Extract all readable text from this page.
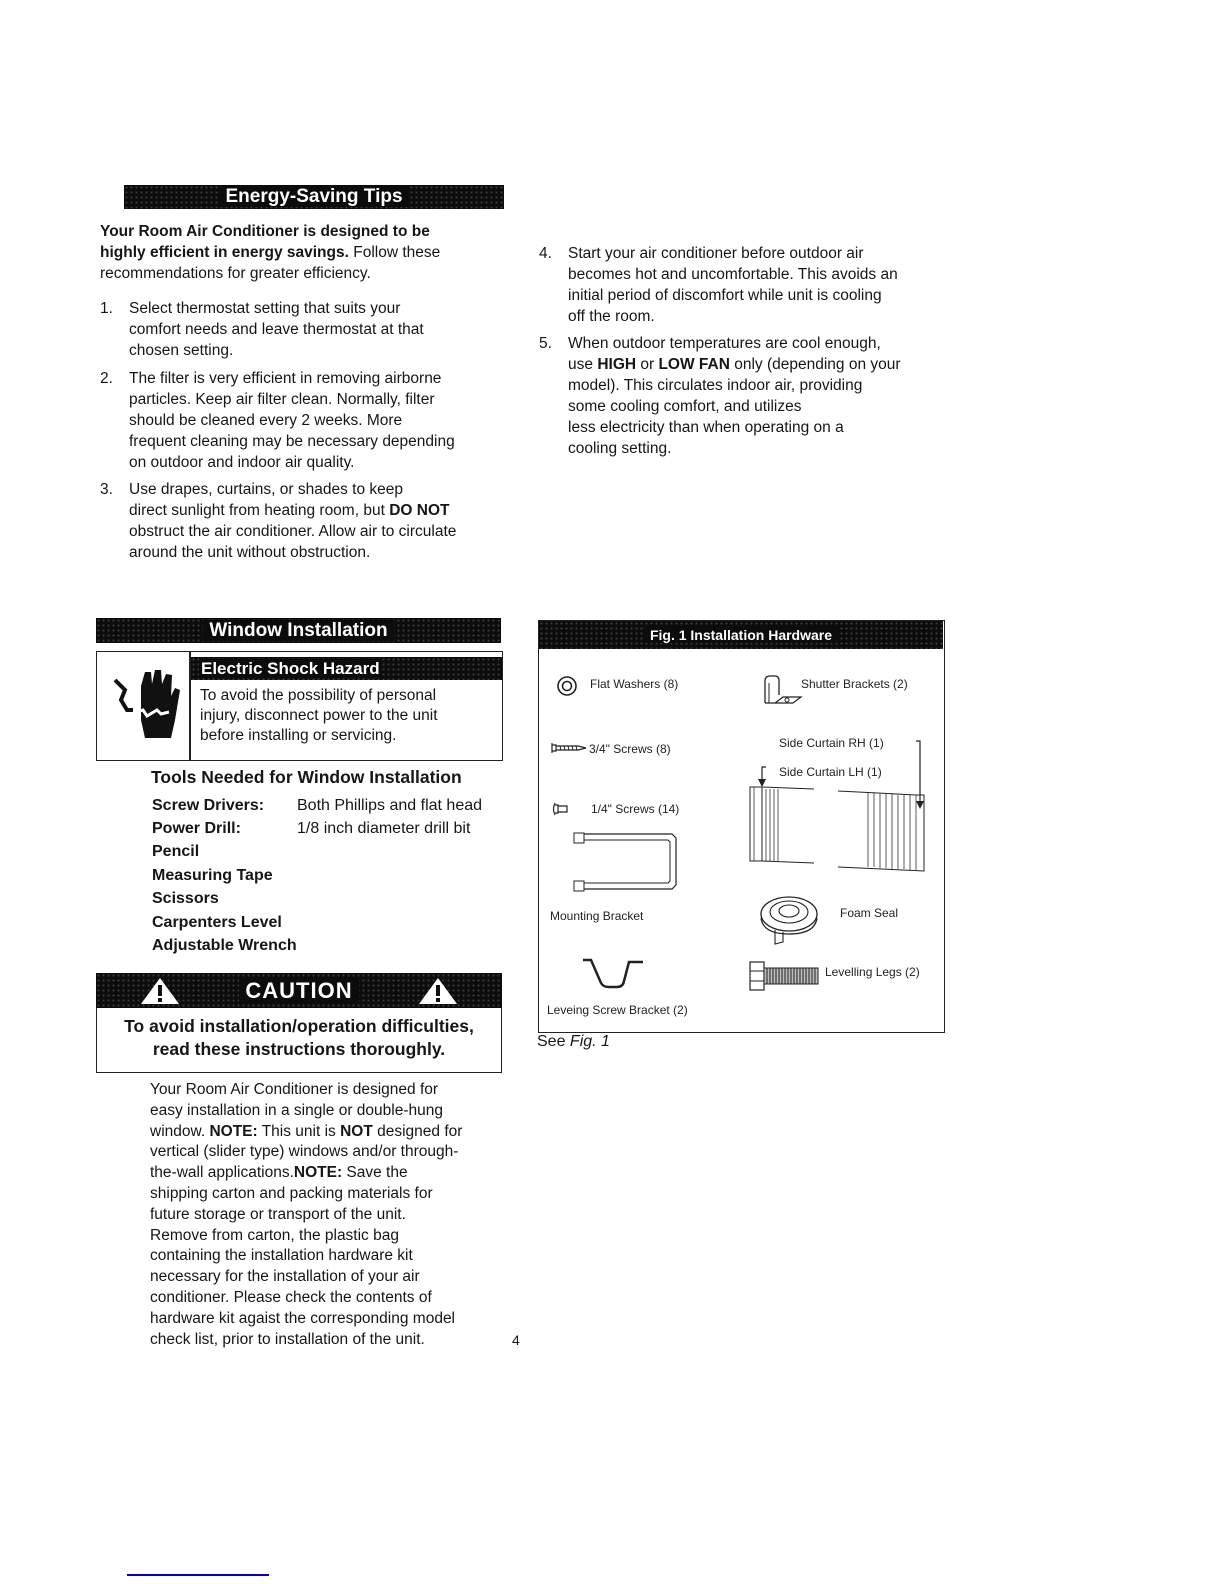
Energy-Saving Tips
Your Room Air Conditioner is designed to be
highly efficient in energy savings. Follow these
recommendations for greater efficiency.
1. Select thermostat setting that suits your
comfort needs and leave thermostat at that
chosen setting.
2. The filter is very efficient in removing airborne
particles. Keep air filter clean. Normally, filter
should be cleaned every 2 weeks. More
frequent cleaning may be necessary depending
on outdoor and indoor air quality.
3. Use drapes, curtains, or shades to keep
direct sunlight from heating room, but DO NOT
obstruct the air conditioner. Allow air to circulate
around the unit without obstruction.
4. Start your air conditioner before outdoor air
becomes hot and uncomfortable. This avoids an
initial period of discomfort while unit is cooling
off the room.
5. When outdoor temperatures are cool enough,
use HIGH or LOW FAN only (depending on your
model). This circulates indoor air, providing
some cooling comfort, and utilizes
less electricity than when operating on a
cooling setting.
Window Installation
Electric Shock Hazard
To avoid the possibility of personal
injury, disconnect power to the unit
before installing or servicing.
Tools Needed for Window Installation
Screw Drivers: Both Phillips and flat head
Power Drill:	1/8 inch diameter drill bit
Pencil
Measuring Tape
Scissors
Carpenters Level
Adjustable Wrench
CAUTION
To avoid installation/operation difficulties,
read these instructions thoroughly.
Your Room Air Conditioner is designed for
easy installation in a single or double-hung
window. NOTE: This unit is NOT designed for
vertical (slider type) windows and/or through-
the-wall applications.NOTE: Save the
shipping carton and packing materials for
future storage or transport of the unit.
Remove from carton, the plastic bag
containing the installation hardware kit
necessary for the installation of your air
conditioner. Please check the contents of
hardware kit agaist the corresponding model
check list, prior to installation of the unit.	4
Fig. 1 Installation Hardware
Flat Washers (8)	Shutter Brackets (2)
3/4" Screws (8)	Side Curtain RH (1)
Side Curtain LH (1)
1/4" Screws (14)
Mounting Bracket	Foam Seal
Leveing Screw Bracket (2)
Levelling Legs (2)
See Fig. 1
